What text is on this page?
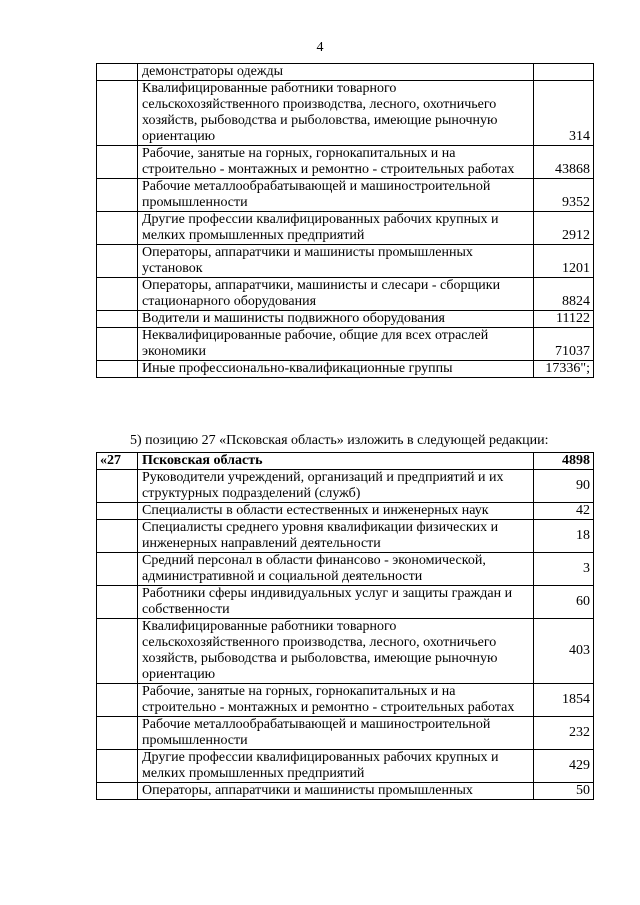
4
	демонстраторы одежды	
	Квалифицированные работники товарного сельскохозяйственного производства, лесного, охотничьего хозяйств, рыбоводства и рыболовства, имеющие рыночную ориентацию	314
	Рабочие, занятые на горных, горнокапитальных и на строительно - монтажных и ремонтно - строительных работах	43868
	Рабочие металлообрабатывающей и машиностроительной промышленности	9352
	Другие профессии квалифицированных рабочих крупных и мелких промышленных предприятий	2912
	Операторы, аппаратчики и машинисты промышленных установок	1201
	Операторы, аппаратчики, машинисты и слесари - сборщики стационарного оборудования	8824
	Водители и машинисты подвижного оборудования	11122
	Неквалифицированные рабочие, общие для всех отраслей экономики	71037
	Иные профессионально-квалификационные группы	17336";
5) позицию 27 «Псковская область» изложить в следующей редакции:
«27	Псковская область	4898
	Руководители учреждений, организаций и предприятий и их структурных подразделений (служб)	90
	Специалисты в области естественных и инженерных наук	42
	Специалисты среднего уровня квалификации физических и инженерных направлений деятельности	18
	Средний персонал в области финансово - экономической, административной и социальной деятельности	3
	Работники сферы индивидуальных услуг и защиты граждан и собственности	60
	Квалифицированные работники товарного сельскохозяйственного производства, лесного, охотничьего хозяйств, рыбоводства и рыболовства, имеющие рыночную ориентацию	403
	Рабочие, занятые на горных, горнокапитальных и на строительно - монтажных и ремонтно - строительных работах	1854
	Рабочие металлообрабатывающей и машиностроительной промышленности	232
	Другие профессии квалифицированных рабочих крупных и мелких промышленных предприятий	429
	Операторы, аппаратчики и машинисты промышленных	50
